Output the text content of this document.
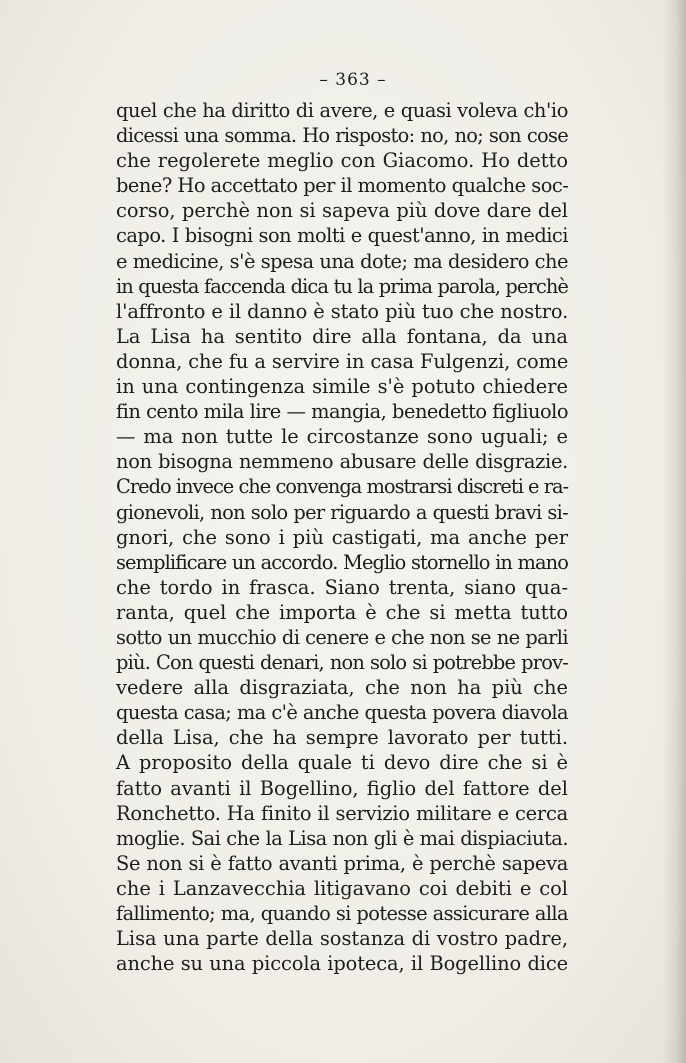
– 363 –
quel che ha diritto di avere, e quasi voleva ch'io
dicessi una somma. Ho risposto: no, no; son cose
che regolerete meglio con Giacomo. Ho detto
bene? Ho accettato per il momento qualche soc-
corso, perchè non si sapeva più dove dare del
capo. I bisogni son molti e quest'anno, in medici
e medicine, s'è spesa una dote; ma desidero che
in questa faccenda dica tu la prima parola, perchè
l'affronto e il danno è stato più tuo che nostro.
La Lisa ha sentito dire alla fontana, da una
donna, che fu a servire in casa Fulgenzi, come
in una contingenza simile s'è potuto chiedere
fin cento mila lire — mangia, benedetto figliuolo
— ma non tutte le circostanze sono uguali; e
non bisogna nemmeno abusare delle disgrazie.
Credo invece che convenga mostrarsi discreti e ra-
gionevoli, non solo per riguardo a questi bravi si-
gnori, che sono i più castigati, ma anche per
semplificare un accordo. Meglio stornello in mano
che tordo in frasca. Siano trenta, siano qua-
ranta, quel che importa è che si metta tutto
sotto un mucchio di cenere e che non se ne parli
più. Con questi denari, non solo si potrebbe prov-
vedere alla disgraziata, che non ha più che
questa casa; ma c'è anche questa povera diavola
della Lisa, che ha sempre lavorato per tutti.
A proposito della quale ti devo dire che si è
fatto avanti il Bogellino, figlio del fattore del
Ronchetto. Ha finito il servizio militare e cerca
moglie. Sai che la Lisa non gli è mai dispiaciuta.
Se non si è fatto avanti prima, è perchè sapeva
che i Lanzavecchia litigavano coi debiti e col
fallimento; ma, quando si potesse assicurare alla
Lisa una parte della sostanza di vostro padre,
anche su una piccola ipoteca, il Bogellino dice
